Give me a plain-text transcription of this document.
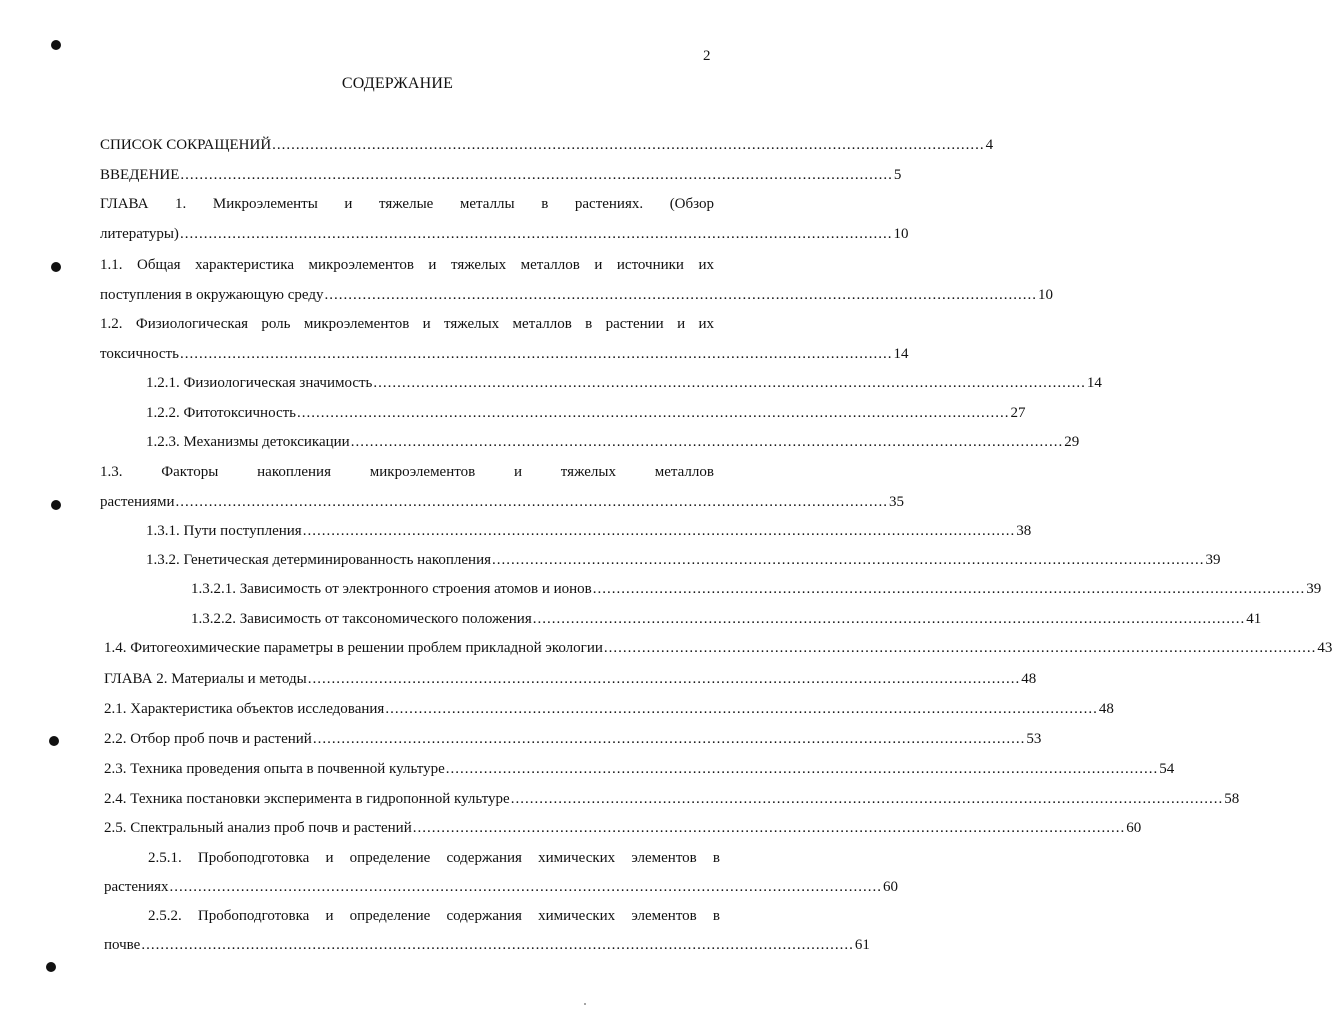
2
СОДЕРЖАНИЕ
СПИСОК СОКРАЩЕНИЙ ...................................................................................................................................................... 4
ВВЕДЕНИЕ ...................................................................................................................................................... 5
ГЛАВА 1. Микроэлементы и тяжелые металлы в растениях. (Обзор
литературы) ...................................................................................................................................................... 10
1.1. Общая характеристика микроэлементов и тяжелых металлов и источники их
поступления в окружающую среду ...................................................................................................................................................... 10
1.2. Физиологическая роль микроэлементов и тяжелых металлов в растении и их
токсичность ...................................................................................................................................................... 14
1.2.1. Физиологическая значимость ...................................................................................................................................................... 14
1.2.2. Фитотоксичность ...................................................................................................................................................... 27
1.2.3. Механизмы детоксикации ...................................................................................................................................................... 29
1.3. Факторы накопления микроэлементов и тяжелых металлов
растениями ...................................................................................................................................................... 35
1.3.1. Пути поступления ...................................................................................................................................................... 38
1.3.2. Генетическая детерминированность накопления ...................................................................................................................................................... 39
1.3.2.1. Зависимость от электронного строения атомов и ионов ...................................................................................................................................................... 39
1.3.2.2. Зависимость от таксономического положения ...................................................................................................................................................... 41
1.4. Фитогеохимические параметры в решении проблем прикладной экологии ...................................................................................................................................................... 43
ГЛАВА 2. Материалы и методы ...................................................................................................................................................... 48
2.1. Характеристика объектов исследования ...................................................................................................................................................... 48
2.2. Отбор проб почв и растений ...................................................................................................................................................... 53
2.3. Техника проведения опыта в почвенной культуре ...................................................................................................................................................... 54
2.4. Техника постановки эксперимента в гидропонной культуре ...................................................................................................................................................... 58
2.5. Спектральный анализ проб почв и растений ...................................................................................................................................................... 60
2.5.1. Пробоподготовка и определение содержания химических элементов в
растениях ...................................................................................................................................................... 60
2.5.2. Пробоподготовка и определение содержания химических элементов в
почве ...................................................................................................................................................... 61
